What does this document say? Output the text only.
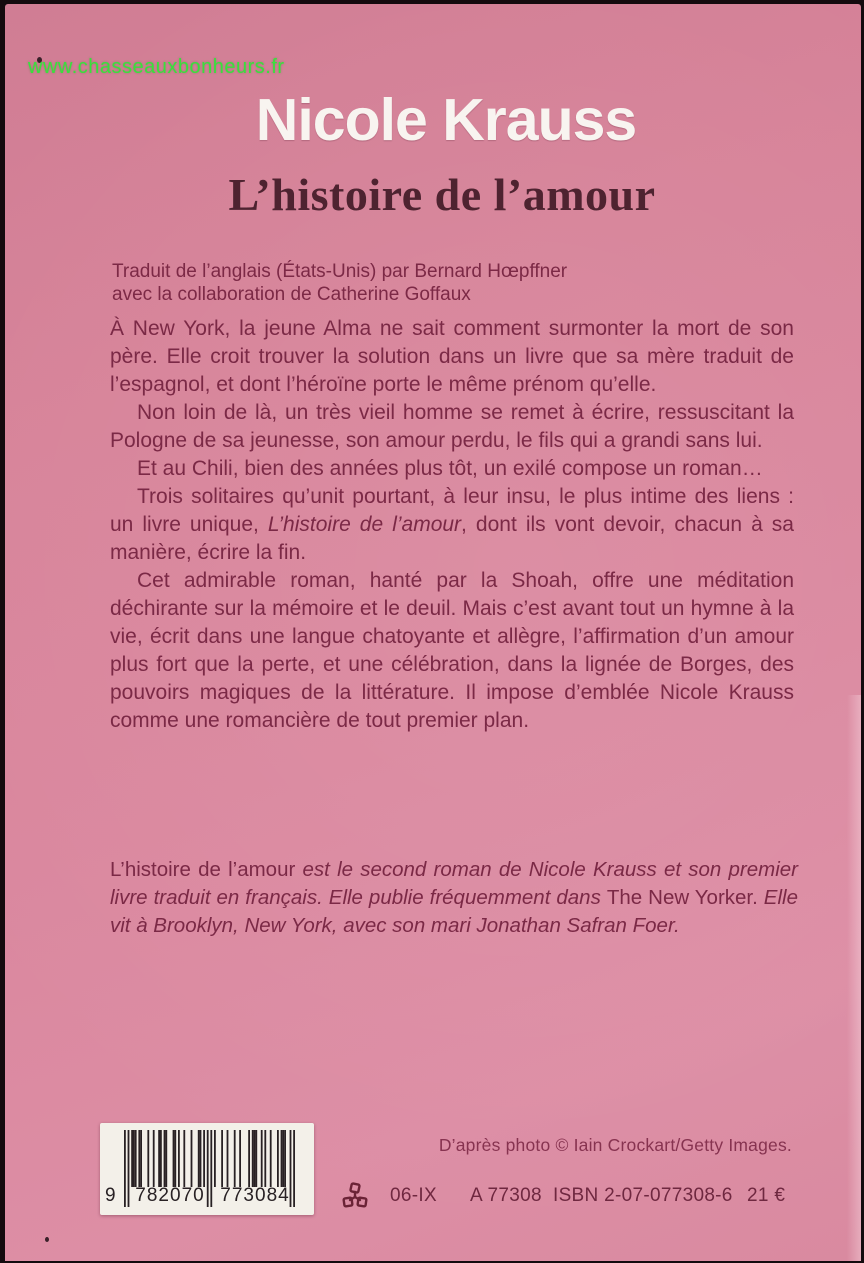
www.chasseauxbonheurs.fr
Nicole Krauss
L’histoire de l’amour
Traduit de l’anglais (États-Unis) par Bernard Hœpffner
avec la collaboration de Catherine Goffaux

À New York, la jeune Alma ne sait comment surmonter la mort de son père. Elle croit trouver la solution dans un livre que sa mère traduit de l’espagnol, et dont l’héroïne porte le même prénom qu’elle.

Non loin de là, un très vieil homme se remet à écrire, ressuscitant la Pologne de sa jeunesse, son amour perdu, le fils qui a grandi sans lui.

Et au Chili, bien des années plus tôt, un exilé compose un roman…

Trois solitaires qu’unit pourtant, à leur insu, le plus intime des liens : un livre unique, L’histoire de l’amour, dont ils vont devoir, chacun à sa manière, écrire la fin.

Cet admirable roman, hanté par la Shoah, offre une méditation déchirante sur la mémoire et le deuil. Mais c’est avant tout un hymne à la vie, écrit dans une langue chatoyante et allègre, l’affirmation d’un amour plus fort que la perte, et une célébration, dans la lignée de Borges, des pouvoirs magiques de la littérature. Il impose d’emblée Nicole Krauss comme une romancière de tout premier plan.

L’histoire de l’amour est le second roman de Nicole Krauss et son premier livre traduit en français. Elle publie fréquemment dans The New Yorker. Elle vit à Brooklyn, New York, avec son mari Jonathan Safran Foer.

D’après photo © Iain Crockart/Getty Images.
9 782070 773084	06-IX A 77308 ISBN 2-07-077308-6 21 €
